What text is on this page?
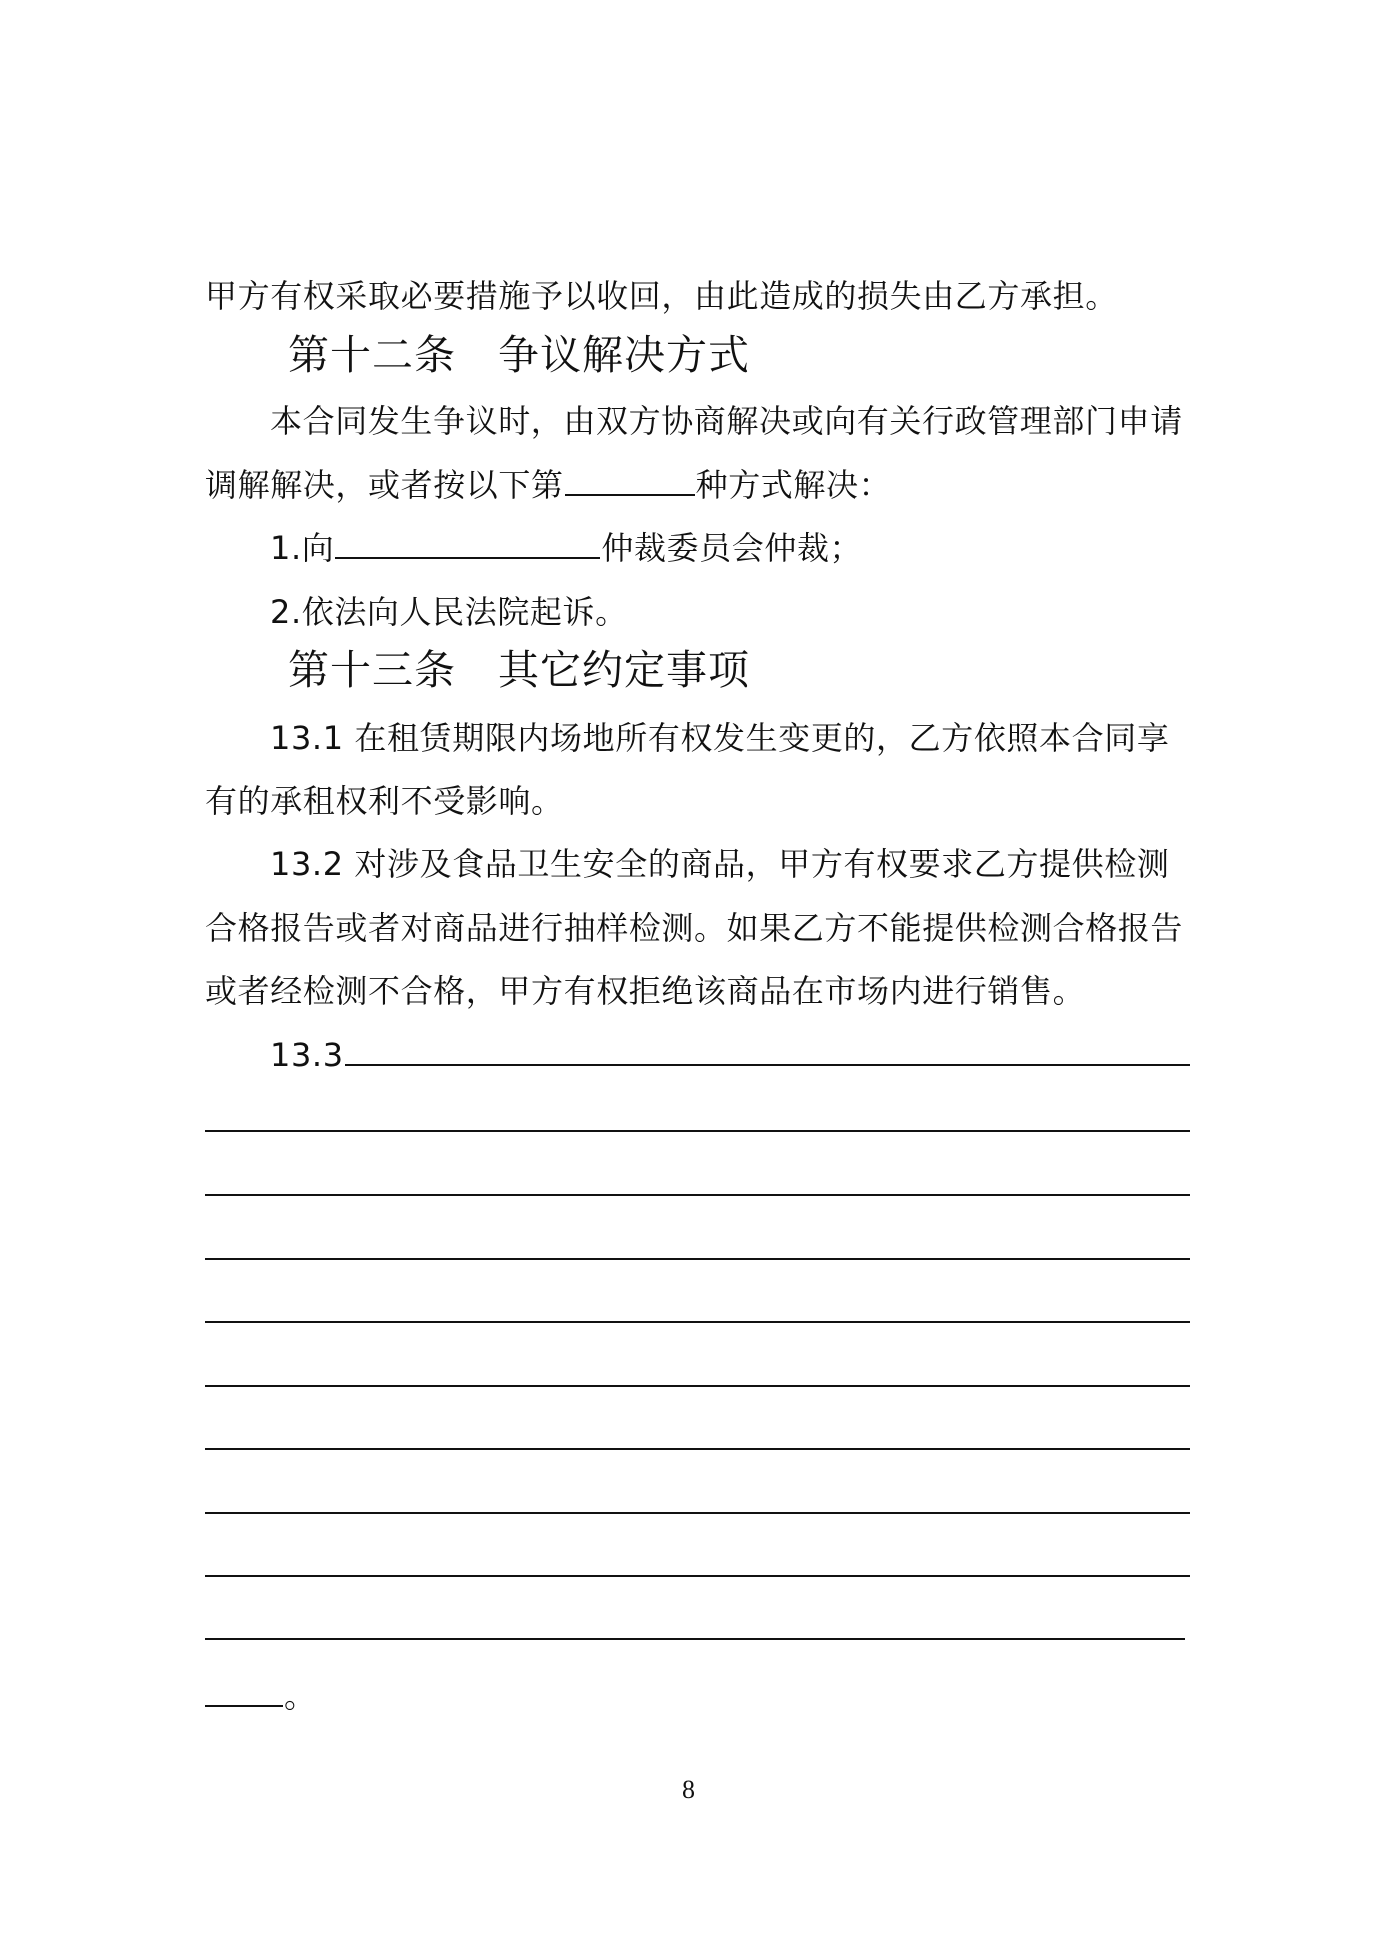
甲方有权采取必要措施予以收回，由此造成的损失由乙方承担。
第十二条 争议解决方式
本合同发生争议时，由双方协商解决或向有关行政管理部门申请
调解解决，或者按以下第	种方式解决：
1.向	仲裁委员会仲裁；
2.依法向人民法院起诉。
第十三条 其它约定事项
13.1 在租赁期限内场地所有权发生变更的，乙方依照本合同享
有的承租权利不受影响。
13.2 对涉及食品卫生安全的商品，甲方有权要求乙方提供检测
合格报告或者对商品进行抽样检测。如果乙方不能提供检测合格报告
或者经检测不合格，甲方有权拒绝该商品在市场内进行销售。
13.3
。
8
